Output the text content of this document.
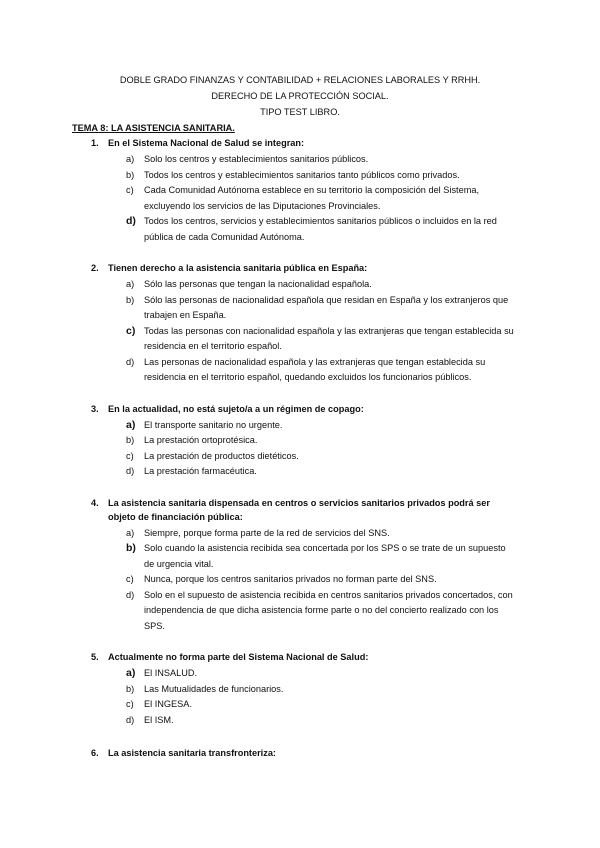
DOBLE GRADO FINANZAS Y CONTABILIDAD + RELACIONES LABORALES Y RRHH.
DERECHO DE LA PROTECCIÓN SOCIAL.
TIPO TEST LIBRO.
TEMA 8: LA ASISTENCIA SANITARIA.
1. En el Sistema Nacional de Salud se integran:
a) Solo los centros y establecimientos sanitarios públicos.
b) Todos los centros y establecimientos sanitarios tanto públicos como privados.
c) Cada Comunidad Autónoma establece en su territorio la composición del Sistema, excluyendo los servicios de las Diputaciones Provinciales.
d) Todos los centros, servicios y establecimientos sanitarios públicos o incluidos en la red pública de cada Comunidad Autónoma.
2. Tienen derecho a la asistencia sanitaria pública en España:
a) Sólo las personas que tengan la nacionalidad española.
b) Sólo las personas de nacionalidad española que residan en España y los extranjeros que trabajen en España.
c) Todas las personas con nacionalidad española y las extranjeras que tengan establecida su residencia en el territorio español.
d) Las personas de nacionalidad española y las extranjeras que tengan establecida su residencia en el territorio español, quedando excluidos los funcionarios públicos.
3. En la actualidad, no está sujeto/a a un régimen de copago:
a) El transporte sanitario no urgente.
b) La prestación ortoprotésica.
c) La prestación de productos dietéticos.
d) La prestación farmacéutica.
4. La asistencia sanitaria dispensada en centros o servicios sanitarios privados podrá ser objeto de financiación pública:
a) Siempre, porque forma parte de la red de servicios del SNS.
b) Solo cuando la asistencia recibida sea concertada por los SPS o se trate de un supuesto de urgencia vital.
c) Nunca, porque los centros sanitarios privados no forman parte del SNS.
d) Solo en el supuesto de asistencia recibida en centros sanitarios privados concertados, con independencia de que dicha asistencia forme parte o no del concierto realizado con los SPS.
5. Actualmente no forma parte del Sistema Nacional de Salud:
a) El INSALUD.
b) Las Mutualidades de funcionarios.
c) El INGESA.
d) El ISM.
6. La asistencia sanitaria transfronteriza:
